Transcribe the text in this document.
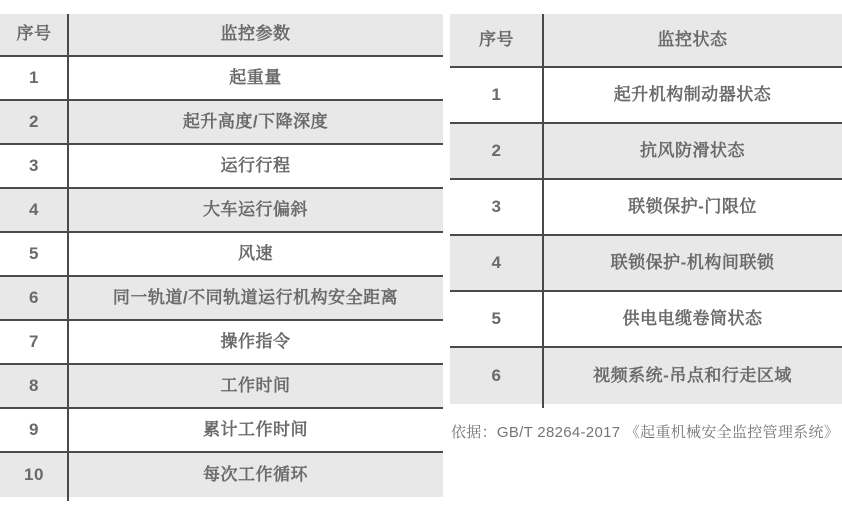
序号	监控参数
1	起重量
2	起升高度/下降深度
3	运行行程
4	大车运行偏斜
5	风速
6	同一轨道/不同轨道运行机构安全距离
7	操作指令
8	工作时间
9	累计工作时间
10	每次工作循环
序号	监控状态
1	起升机构制动器状态
2	抗风防滑状态
3	联锁保护-门限位
4	联锁保护-机构间联锁
5	供电电缆卷筒状态
6	视频系统-吊点和行走区域

依据：GB/T 28264-2017 《起重机械安全监控管理系统》
